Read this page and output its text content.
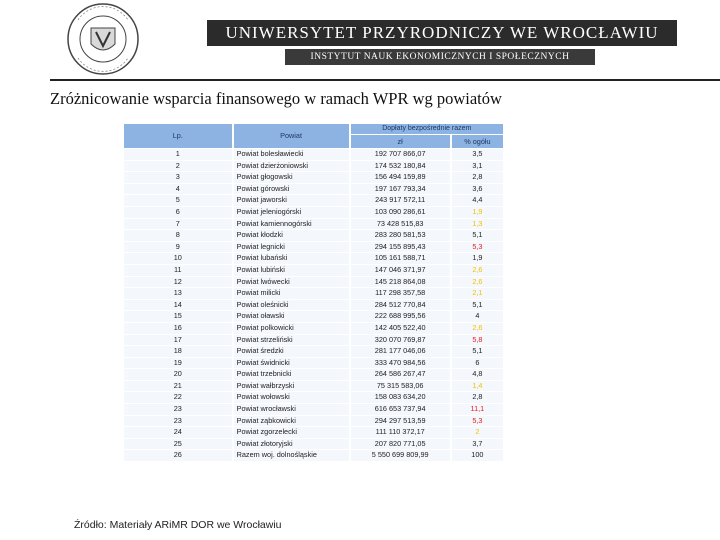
UNIWERSYTET PRZYRODNICZY WE WROCŁAWIU
INSTYTUT NAUK EKONOMICZNYCH I SPOŁECZNYCH
Zróżnicowanie wsparcia finansowego w ramach WPR wg powiatów
Lp.	Powiat	Dopłaty bezpośrednie razem	
		zł	% ogółu
1	Powiat bolesławiecki	192 707 866,07	3,5
2	Powiat dzierżoniowski	174 532 180,84	3,1
3	Powiat głogowski	156 494 159,89	2,8
4	Powiat górowski	197 167 793,34	3,6
5	Powiat jaworski	243 917 572,11	4,4
6	Powiat jeleniogórski	103 090 286,61	1,9
7	Powiat kamiennogórski	73 428 515,83	1,3
8	Powiat kłodzki	283 280 581,53	5,1
9	Powiat legnicki	294 155 895,43	5,3
10	Powiat lubański	105 161 588,71	1,9
11	Powiat lubiński	147 046 371,97	2,6
12	Powiat lwówecki	145 218 864,08	2,6
13	Powiat milicki	117 298 357,58	2,1
14	Powiat oleśnicki	284 512 770,84	5,1
15	Powiat oławski	222 688 995,56	4
16	Powiat polkowicki	142 405 522,40	2,6
17	Powiat strzeliński	320 070 769,87	5,8
18	Powiat średzki	281 177 046,06	5,1
19	Powiat świdnicki	333 470 984,56	6
20	Powiat trzebnicki	264 586 267,47	4,8
21	Powiat wałbrzyski	75 315 583,06	1,4
22	Powiat wołowski	158 083 634,20	2,8
23	Powiat wrocławski	616 653 737,94	11,1
23	Powiat ząbkowicki	294 297 513,59	5,3
24	Powiat zgorzelecki	111 110 372,17	2
25	Powiat złotoryjski	207 820 771,05	3,7
26	Razem woj. dolnośląskie	5 550 699 809,99	100
Źródło: Materiały ARiMR DOR we Wrocławiu
